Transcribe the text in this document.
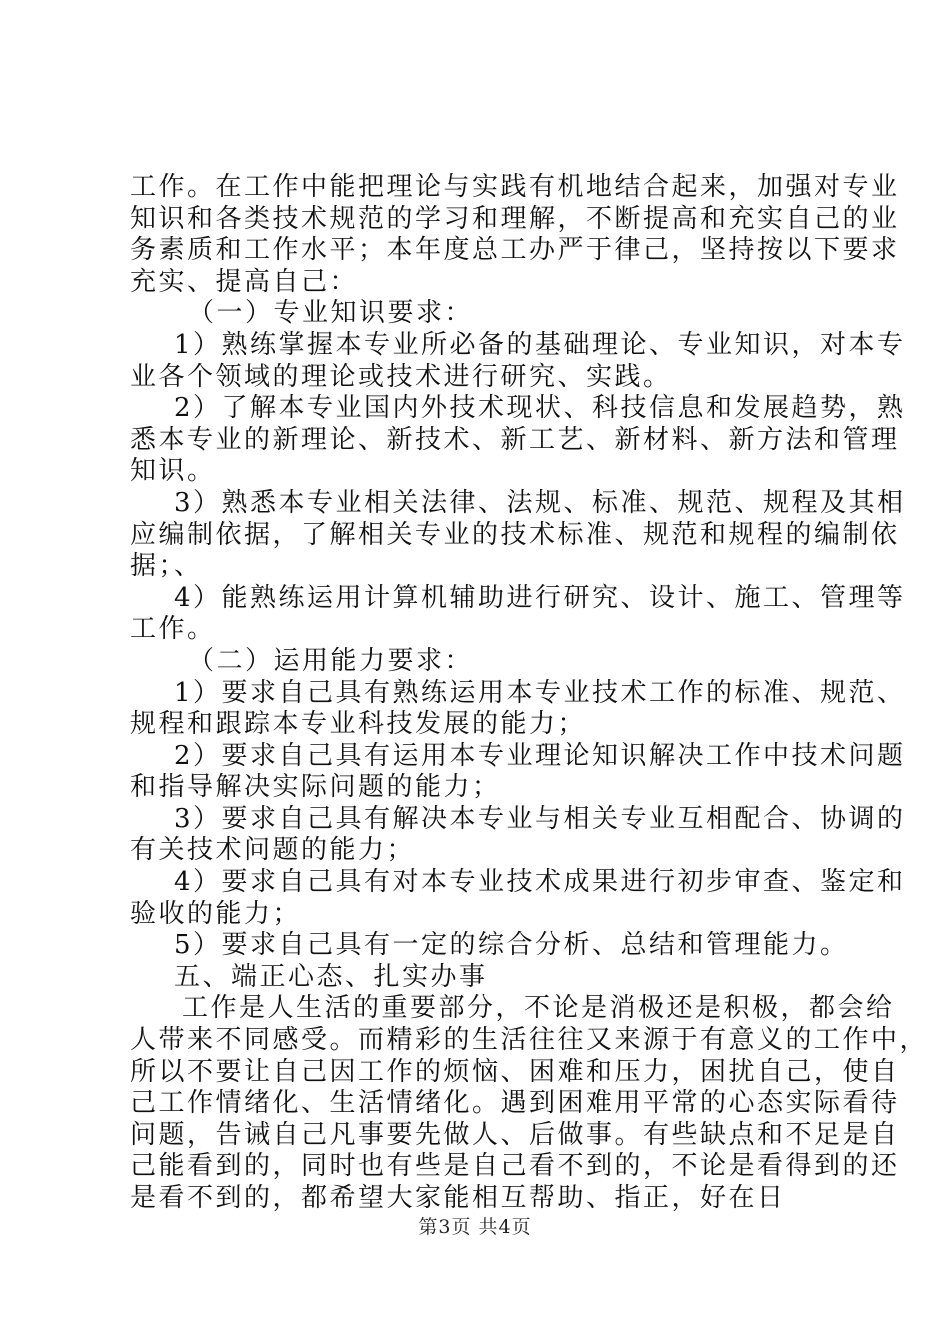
工作。在工作中能把理论与实践有机地结合起来，加强对专业
知识和各类技术规范的学习和理解，不断提高和充实自己的业
务素质和工作水平；本年度总工办严于律己，坚持按以下要求
充实、提高自己：
（一）专业知识要求：
1）熟练掌握本专业所必备的基础理论、专业知识，对本专
业各个领域的理论或技术进行研究、实践。
2）了解本专业国内外技术现状、科技信息和发展趋势，熟
悉本专业的新理论、新技术、新工艺、新材料、新方法和管理
知识。
3）熟悉本专业相关法律、法规、标准、规范、规程及其相
应编制依据，了解相关专业的技术标准、规范和规程的编制依
据；、
4）能熟练运用计算机辅助进行研究、设计、施工、管理等
工作。
（二）运用能力要求：
1）要求自己具有熟练运用本专业技术工作的标准、规范、
规程和跟踪本专业科技发展的能力；
2）要求自己具有运用本专业理论知识解决工作中技术问题
和指导解决实际问题的能力；
3）要求自己具有解决本专业与相关专业互相配合、协调的
有关技术问题的能力；
4）要求自己具有对本专业技术成果进行初步审查、鉴定和
验收的能力；
5）要求自己具有一定的综合分析、总结和管理能力。
五、端正心态、扎实办事
工作是人生活的重要部分，不论是消极还是积极，都会给
人带来不同感受。而精彩的生活往往又来源于有意义的工作中，
所以不要让自己因工作的烦恼、困难和压力，困扰自己，使自
己工作情绪化、生活情绪化。遇到困难用平常的心态实际看待
问题，告诫自己凡事要先做人、后做事。有些缺点和不足是自
己能看到的，同时也有些是自己看不到的，不论是看得到的还
是看不到的，都希望大家能相互帮助、指正，好在日
第3页 共4页
